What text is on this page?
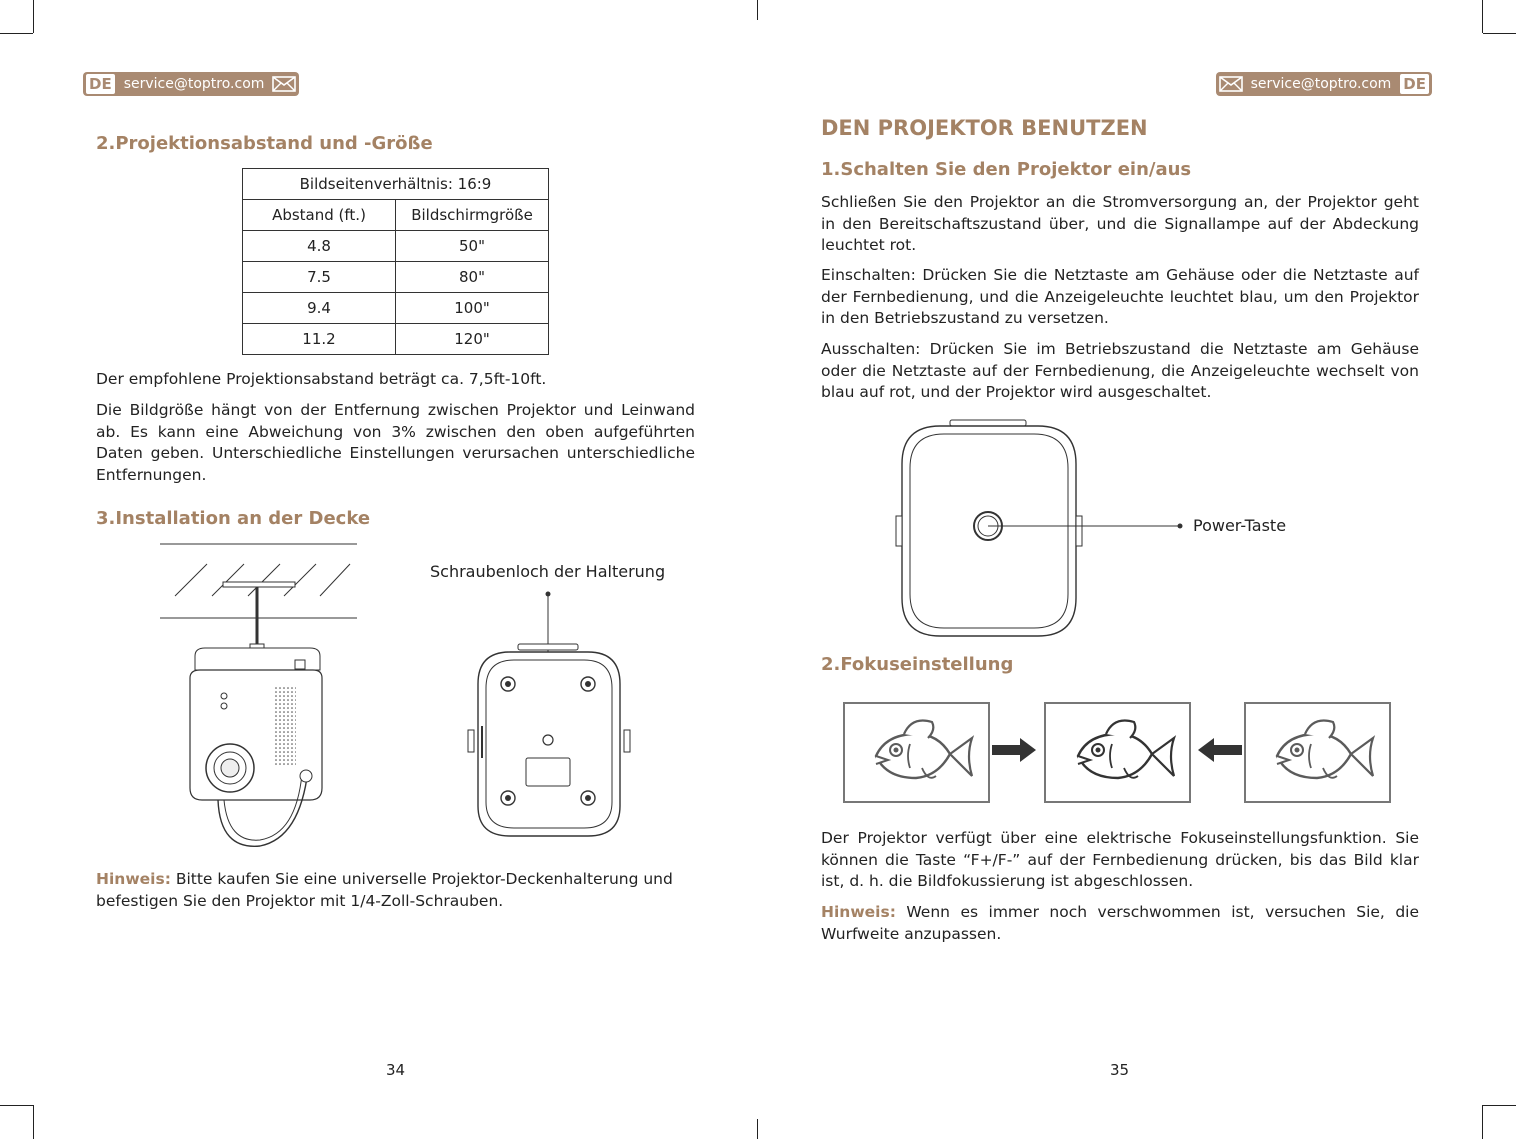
DE service@toptro.com
2.Projektionsabstand und -Größe
Bildseitenverhältnis: 16:9	
Abstand (ft.)	Bildschirmgröße
4.8	50"
7.5	80"
9.4	100"
11.2	120"

Der empfohlene Projektionsabstand beträgt ca. 7,5ft-10ft.

Die Bildgröße hängt von der Entfernung zwischen Projektor und Leinwand ab. Es kann eine Abweichung von 3% zwischen den oben aufgeführten Daten geben. Unterschiedliche Einstellungen verursachen unterschiedliche Entfernungen.

3.Installation an der Decke
Schraubenloch der Halterung

Hinweis: Bitte kaufen Sie eine universelle Projektor-Deckenhalterung und befestigen Sie den Projektor mit 1/4-Zoll-Schrauben.

34
service@toptro.com DE
DEN PROJEKTOR BENUTZEN
1.Schalten Sie den Projektor ein/aus

Schließen Sie den Projektor an die Stromversorgung an, der Projektor geht in den Bereitschaftszustand über, und die Signallampe auf der Abdeckung leuchtet rot.

Einschalten: Drücken Sie die Netztaste am Gehäuse oder die Netztaste auf der Fernbedienung, und die Anzeigeleuchte leuchtet blau, um den Projektor in den Betriebszustand zu versetzen.

Ausschalten: Drücken Sie im Betriebszustand die Netztaste am Gehäuse oder die Netztaste auf der Fernbedienung, die Anzeigeleuchte wechselt von blau auf rot, und der Projektor wird ausgeschaltet.

Power-Taste
2.Fokuseinstellung

Der Projektor verfügt über eine elektrische Fokuseinstellungsfunktion. Sie können die Taste “F+/F-” auf der Fernbedienung drücken, bis das Bild klar ist, d. h. die Bildfokussierung ist abgeschlossen.

Hinweis: Wenn es immer noch verschwommen ist, versuchen Sie, die Wurfweite anzupassen.

35
